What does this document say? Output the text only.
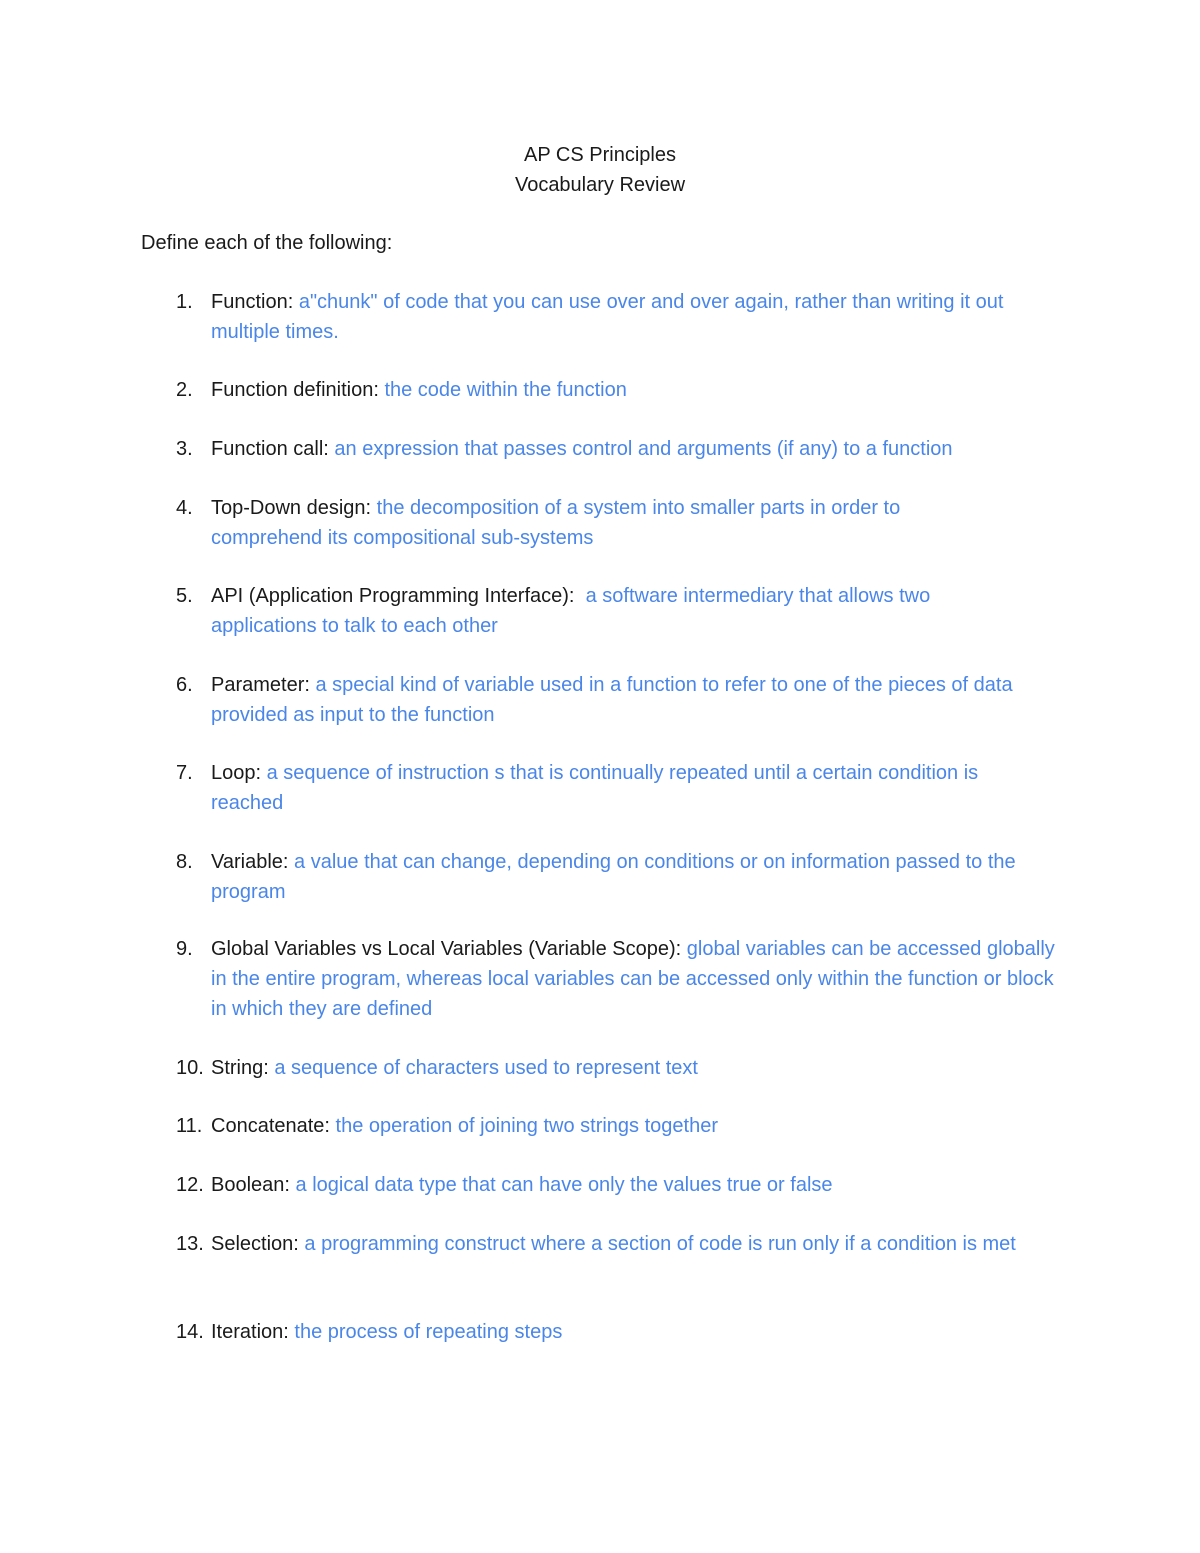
AP CS Principles
Vocabulary Review
Define each of the following:
1. Function: a"chunk" of code that you can use over and over again, rather than writing it out multiple times.
2. Function definition: the code within the function
3. Function call: an expression that passes control and arguments (if any) to a function
4. Top-Down design: the decomposition of a system into smaller parts in order to comprehend its compositional sub-systems
5. API (Application Programming Interface):  a software intermediary that allows two applications to talk to each other
6. Parameter: a special kind of variable used in a function to refer to one of the pieces of data provided as input to the function
7. Loop: a sequence of instruction s that is continually repeated until a certain condition is reached
8. Variable: a value that can change, depending on conditions or on information passed to the program
9. Global Variables vs Local Variables (Variable Scope): global variables can be accessed globally in the entire program, whereas local variables can be accessed only within the function or block in which they are defined
10. String: a sequence of characters used to represent text
11. Concatenate: the operation of joining two strings together
12. Boolean: a logical data type that can have only the values true or false
13. Selection: a programming construct where a section of code is run only if a condition is met
14. Iteration: the process of repeating steps
